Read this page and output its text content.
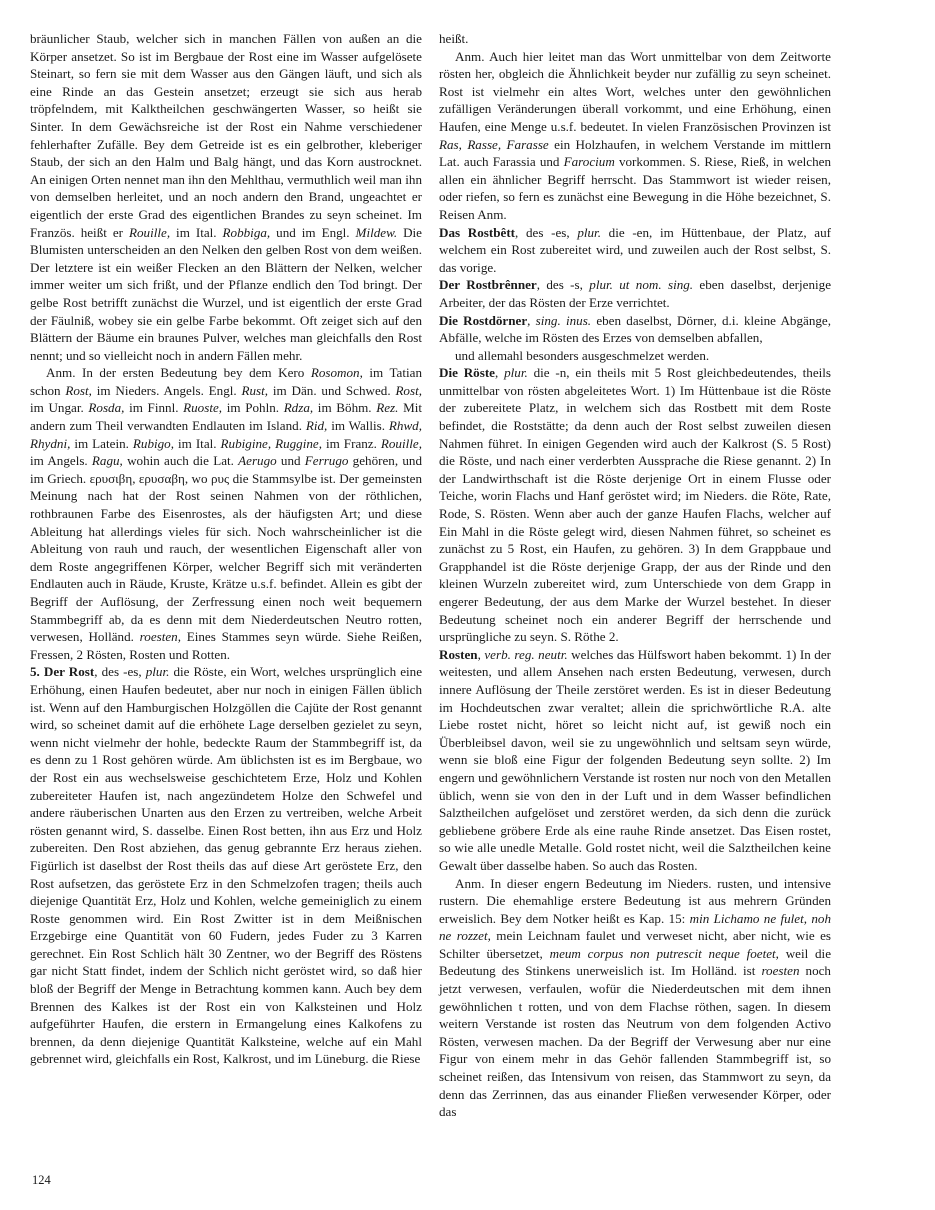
bräunlicher Staub, welcher sich in manchen Fällen von außen an die Körper ansetzet. So ist im Bergbaue der Rost eine im Wasser aufgelösete Steinart, so fern sie mit dem Wasser aus den Gängen läuft, und sich als eine Rinde an das Gestein ansetzet; erzeugt sie sich aus herab tröpfelndem, mit Kalktheilchen geschwängerten Wasser, so heißt sie Sinter. In dem Gewächsreiche ist der Rost ein Nahme verschiedener fehlerhafter Zufälle. Bey dem Getreide ist es ein gelbrother, kleberiger Staub, der sich an den Halm und Balg hängt, und das Korn austrocknet. An einigen Orten nennet man ihn den Mehlthau, vermuthlich weil man ihn von demselben herleitet, und an noch andern den Brand, ungeachtet er eigentlich der erste Grad des eigentlichen Brandes zu seyn scheinet. Im Französ. heißt er Rouille, im Ital. Robbiga, und im Engl. Mildew. Die Blumisten unterscheiden an den Nelken den gelben Rost von dem weißen. Der letztere ist ein weißer Flecken an den Blättern der Nelken, welcher immer weiter um sich frißt, und der Pflanze endlich den Tod bringt. Der gelbe Rost betrifft zunächst die Wurzel, und ist eigentlich der erste Grad der Fäulniß, wobey sie ein gelbe Farbe bekommt. Oft zeiget sich auf den Blättern der Bäume ein braunes Pulver, welches man gleichfalls den Rost nennt; und so vielleicht noch in andern Fällen mehr.

Anm. In der ersten Bedeutung bey dem Kero Rosomon, im Tatian schon Rost, im Nieders. Angels. Engl. Rust, im Dän. und Schwed. Rost, im Ungar. Rosda, im Finnl. Ruoste, im Pohln. Rdza, im Böhm. Rez. Mit andern zum Theil verwandten Endlauten im Island. Rid, im Wallis. Rhwd, Rhydni, im Latein. Rubigo, im Ital. Rubigine, Ruggine, im Franz. Rouille, im Angels. Ragu, wohin auch die Lat. Aerugo und Ferrugo gehören, und im Griech. ερυσιβη, ερυσαβη, wo ρυς die Stammsylbe ist. Der gemeinsten Meinung nach hat der Rost seinen Nahmen von der röthlichen, rothbraunen Farbe des Eisenrostes, als der häufigsten Art; und diese Ableitung hat allerdings vieles für sich. Noch wahrscheinlicher ist die Ableitung von rauh und rauch, der wesentlichen Eigenschaft aller von dem Roste angegriffenen Körper, welcher Begriff sich mit veränderten Endlauten auch in Räude, Kruste, Krätze u.s.f. befindet. Allein es gibt der Begriff der Auflösung, der Zerfressung einen noch weit bequemern Stammbegriff ab, da es denn mit dem Niederdeutschen Neutro rotten, verwesen, Holländ. roesten, Eines Stammes seyn würde. Siehe Reißen, Fressen, 2 Rösten, Rosten und Rotten.

5. Der Rost, des -es, plur. die Röste, ein Wort, welches ursprünglich eine Erhöhung, einen Haufen bedeutet, aber nur noch in einigen Fällen üblich ist. Wenn auf den Hamburgischen Holzgöllen die Cajüte der Rost genannt wird, so scheinet damit auf die erhöhete Lage derselben gezielet zu seyn, wenn nicht vielmehr der hohle, bedeckte Raum der Stammbegriff ist, da es denn zu 1 Rost gehören würde. Am üblichsten ist es im Bergbaue, wo der Rost ein aus wechselsweise geschichtetem Erze, Holz und Kohlen zubereiteter Haufen ist, nach angezündetem Holze den Schwefel und andere räuberischen Unarten aus den Erzen zu vertreiben, welche Arbeit rösten genannt wird, S. dasselbe. Einen Rost betten, ihn aus Erz und Holz zubereiten. Den Rost abziehen, das genug gebrannte Erz heraus ziehen. Figürlich ist daselbst der Rost theils das auf diese Art geröstete Erz, den Rost aufsetzen, das geröstete Erz in den Schmelzofen tragen; theils auch diejenige Quantität Erz, Holz und Kohlen, welche gemeiniglich zu einem Roste genommen wird. Ein Rost Zwitter ist in dem Meißnischen Erzgebirge eine Quantität von 60 Fudern, jedes Fuder zu 3 Karren gerechnet. Ein Rost Schlich hält 30 Zentner, wo der Begriff des Röstens gar nicht Statt findet, indem der Schlich nicht geröstet wird, so daß hier bloß der Begriff der Menge in Betrachtung kommen kann. Auch bey dem Brennen des Kalkes ist der Rost ein von Kalksteinen und Holz aufgeführter Haufen, die erstern in Ermangelung eines Kalkofens zu brennen, da denn diejenige Quantität Kalksteine, welche auf ein Mahl gebrennet wird, gleichfalls ein Rost, Kalkrost, und im Lüneburg. die Riese

heißt.

Anm. Auch hier leitet man das Wort unmittelbar von dem Zeitworte rösten her, obgleich die Ähnlichkeit beyder nur zufällig zu seyn scheinet. Rost ist vielmehr ein altes Wort, welches unter den gewöhnlichen zufälligen Veränderungen überall vorkommt, und eine Erhöhung, einen Haufen, eine Menge u.s.f. bedeutet. In vielen Französischen Provinzen ist Ras, Rasse, Farasse ein Holzhaufen, in welchem Verstande im mittlern Lat. auch Farassia und Farocium vorkommen. S. Riese, Rieß, in welchen allen ein ähnlicher Begriff herrscht. Das Stammwort ist wieder reisen, oder riefen, so fern es zunächst eine Bewegung in die Höhe bezeichnet, S. Reisen Anm.

Das Rostbêtt, des -es, plur. die -en, im Hüttenbaue, der Platz, auf welchem ein Rost zubereitet wird, und zuweilen auch der Rost selbst, S. das vorige.

Der Rostbrênner, des -s, plur. ut nom. sing. eben daselbst, derjenige Arbeiter, der das Rösten der Erze verrichtet.

Die Rostdörner, sing. inus. eben daselbst, Dörner, d.i. kleine Abgänge, Abfälle, welche im Rösten des Erzes von demselben abfallen,

und allemahl besonders ausgeschmelzet werden.

Die Röste, plur. die -n, ein theils mit 5 Rost gleichbedeutendes, theils unmittelbar von rösten abgeleitetes Wort. 1) Im Hüttenbaue ist die Röste der zubereitete Platz, in welchem sich das Rostbett mit dem Roste befindet, die Roststätte; da denn auch der Rost selbst zuweilen diesen Nahmen führet. In einigen Gegenden wird auch der Kalkrost (S. 5 Rost) die Röste, und nach einer verderbten Aussprache die Riese genannt. 2) In der Landwirthschaft ist die Röste derjenige Ort in einem Flusse oder Teiche, worin Flachs und Hanf geröstet wird; im Nieders. die Röte, Rate, Rode, S. Rösten. Wenn aber auch der ganze Haufen Flachs, welcher auf Ein Mahl in die Röste gelegt wird, diesen Nahmen führet, so scheinet es zunächst zu 5 Rost, ein Haufen, zu gehören. 3) In dem Grappbaue und Grapphandel ist die Röste derjenige Grapp, der aus der Rinde und den kleinen Wurzeln zubereitet wird, zum Unterschiede von dem Grapp in engerer Bedeutung, der aus dem Marke der Wurzel bestehet. In dieser Bedeutung scheinet noch ein anderer Begriff der herrschende und ursprüngliche zu seyn. S. Röthe 2.

Rosten, verb. reg. neutr. welches das Hülfswort haben bekommt. 1) In der weitesten, und allem Ansehen nach ersten Bedeutung, verwesen, durch innere Auflösung der Theile zerstöret werden. Es ist in dieser Bedeutung im Hochdeutschen zwar veraltet; allein die sprichwörtliche R.A. alte Liebe rostet nicht, höret so leicht nicht auf, ist gewiß noch ein Überbleibsel davon, weil sie zu ungewöhnlich und seltsam seyn würde, wenn sie bloß eine Figur der folgenden Bedeutung seyn sollte. 2) Im engern und gewöhnlichern Verstande ist rosten nur noch von den Metallen üblich, wenn sie von den in der Luft und in dem Wasser befindlichen Salztheilchen aufgelöset und zerstöret werden, da sich denn die zurück gebliebene gröbere Erde als eine rauhe Rinde ansetzet. Das Eisen rostet, so wie alle unedle Metalle. Gold rostet nicht, weil die Salztheilchen keine Gewalt über dasselbe haben. So auch das Rosten.

Anm. In dieser engern Bedeutung im Nieders. rusten, und intensive rustern. Die ehemahlige erstere Bedeutung ist aus mehrern Gründen erweislich. Bey dem Notker heißt es Kap. 15: min Lichamo ne fulet, noh ne rozzet, mein Leichnam faulet und verweset nicht, aber nicht, wie es Schilter übersetzet, meum corpus non putrescit neque foetet, weil die Bedeutung des Stinkens unerweislich ist. Im Holländ. ist roesten noch jetzt verwesen, verfaulen, wofür die Niederdeutschen mit dem ihnen gewöhnlichen t rotten, und von dem Flachse röthen, sagen. In diesem weitern Verstande ist rosten das Neutrum von dem folgenden Activo Rösten, verwesen machen. Da der Begriff der Verwesung aber nur eine Figur von einem mehr in das Gehör fallenden Stammbegriff ist, so scheinet reißen, das Intensivum von reisen, das Stammwort zu seyn, da denn das Zerrinnen, das aus einander Fließen verwesender Körper, oder das

124
